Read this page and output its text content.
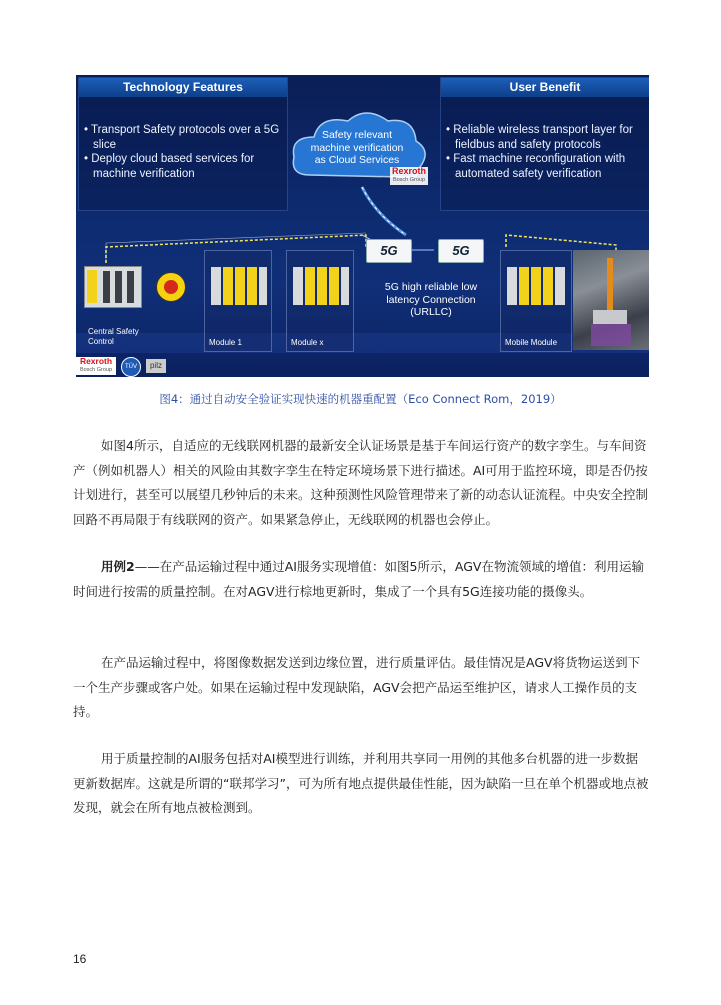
Technology Features
• Transport Safety protocols over a 5G slice
• Deploy cloud based services for machine verification
User Benefit
• Reliable wireless transport layer for fieldbus and safety protocols
• Fast machine reconfiguration with automated safety verification
Safety relevant machine verification as Cloud Services
Rexroth
Bosch Group
5G	5G
5G high reliable low latency Connection (URLLC)
Central Safety
Control	Module 1	Module x	Mobile Module
Rexroth
Bosch Group	TÜV	pilz
图4：通过自动安全验证实现快速的机器重配置（Eco Connect Rom，2019）

如图4所示，自适应的无线联网机器的最新安全认证场景是基于车间运行资产的数字孪生。与车间资产（例如机器人）相关的风险由其数字孪生在特定环境场景下进行描述。AI可用于监控环境，即是否仍按计划进行，甚至可以展望几秒钟后的未来。这种预测性风险管理带来了新的动态认证流程。中央安全控制回路不再局限于有线联网的资产。如果紧急停止，无线联网的机器也会停止。

用例2——在产品运输过程中通过AI服务实现增值：如图5所示，AGV在物流领域的增值：利用运输时间进行按需的质量控制。在对AGV进行棕地更新时，集成了一个具有5G连接功能的摄像头。

在产品运输过程中，将图像数据发送到边缘位置，进行质量评估。最佳情况是AGV将货物运送到下一个生产步骤或客户处。如果在运输过程中发现缺陷，AGV会把产品运至维护区，请求人工操作员的支持。

用于质量控制的AI服务包括对AI模型进行训练，并利用共享同一用例的其他多台机器的进一步数据更新数据库。这就是所谓的“联邦学习”，可为所有地点提供最佳性能，因为缺陷一旦在单个机器或地点被发现，就会在所有地点被检测到。

16
